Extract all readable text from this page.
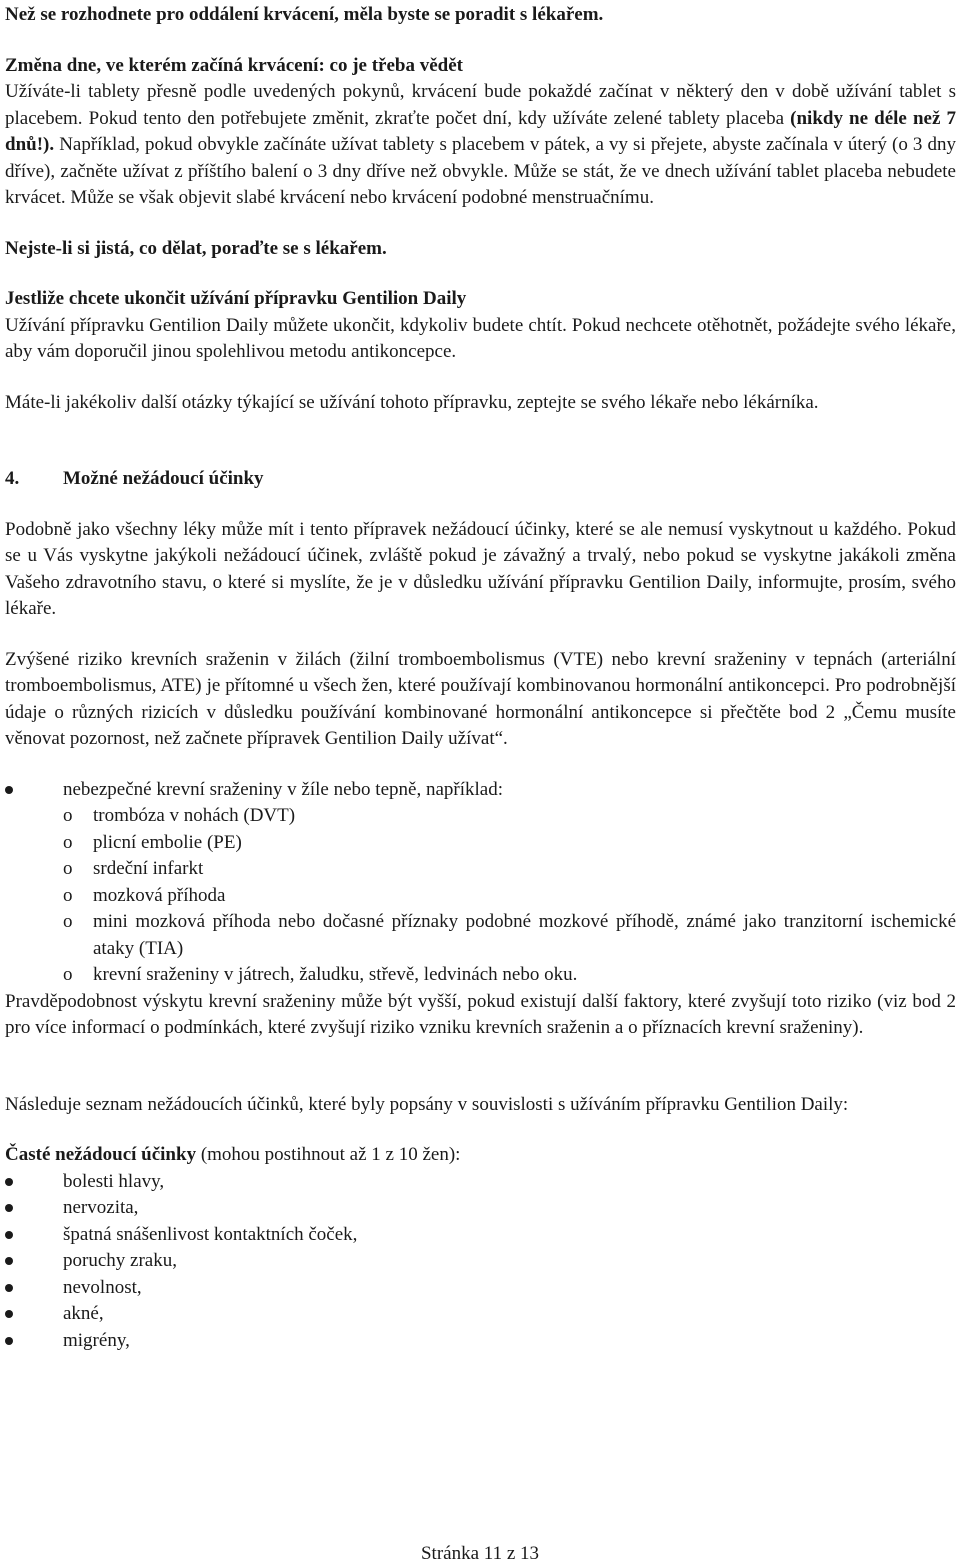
Než se rozhodnete pro oddálení krvácení, měla byste se poradit s lékařem.

Změna dne, ve kterém začíná krvácení: co je třeba vědět

Užíváte-li tablety přesně podle uvedených pokynů, krvácení bude pokaždé začínat v některý den v době užívání tablet s placebem. Pokud tento den potřebujete změnit, zkraťte počet dní, kdy užíváte zelené tablety placeba (nikdy ne déle než 7 dnů!). Například, pokud obvykle začínáte užívat tablety s placebem v pátek, a vy si přejete, abyste začínala v úterý (o 3 dny dříve), začněte užívat z příštího balení o 3 dny dříve než obvykle. Může se stát, že ve dnech užívání tablet placeba nebudete krvácet. Může se však objevit slabé krvácení nebo krvácení podobné menstruačnímu.

Nejste-li si jistá, co dělat, poraďte se s lékařem.

Jestliže chcete ukončit užívání přípravku Gentilion Daily

Užívání přípravku Gentilion Daily můžete ukončit, kdykoliv budete chtít. Pokud nechcete otěhotnět, požádejte svého lékaře, aby vám doporučil jinou spolehlivou metodu antikoncepce.

Máte-li jakékoliv další otázky týkající se užívání tohoto přípravku, zeptejte se svého lékaře nebo lékárníka.

4.	Možné nežádoucí účinky

Podobně jako všechny léky může mít i tento přípravek nežádoucí účinky, které se ale nemusí vyskytnout u každého. Pokud se u Vás vyskytne jakýkoli nežádoucí účinek, zvláště pokud je závažný a trvalý, nebo pokud se vyskytne jakákoli změna Vašeho zdravotního stavu, o které si myslíte, že je v důsledku užívání přípravku Gentilion Daily, informujte, prosím, svého lékaře.

Zvýšené riziko krevních sraženin v žilách (žilní tromboembolismus (VTE) nebo krevní sraženiny v tepnách (arteriální tromboembolismus, ATE) je přítomné u všech žen, které používají kombinovanou hormonální antikoncepci. Pro podrobnější údaje o různých rizicích v důsledku používání kombinované hormonální antikoncepce si přečtěte bod 2 „Čemu musíte věnovat pozornost, než začnete přípravek Gentilion Daily užívat“.

nebezpečné krevní sraženiny v žíle nebo tepně, například:
o trombóza v nohách (DVT)
o plicní embolie (PE)
o srdeční infarkt
o mozková příhoda
o mini mozková příhoda nebo dočasné příznaky podobné mozkové příhodě, známé jako tranzitorní ischemické ataky (TIA)
o krevní sraženiny v játrech, žaludku, střevě, ledvinách nebo oku.

Pravděpodobnost výskytu krevní sraženiny může být vyšší, pokud existují další faktory, které zvyšují toto riziko (viz bod 2 pro více informací o podmínkách, které zvyšují riziko vzniku krevních sraženin a o příznacích krevní sraženiny).

Následuje seznam nežádoucích účinků, které byly popsány v souvislosti s užíváním přípravku Gentilion Daily:

Časté nežádoucí účinky (mohou postihnout až 1 z 10 žen):

bolesti hlavy,
nervozita,
špatná snášenlivost kontaktních čoček,
poruchy zraku,
nevolnost,
akné,
migrény,
Stránka 11 z 13
